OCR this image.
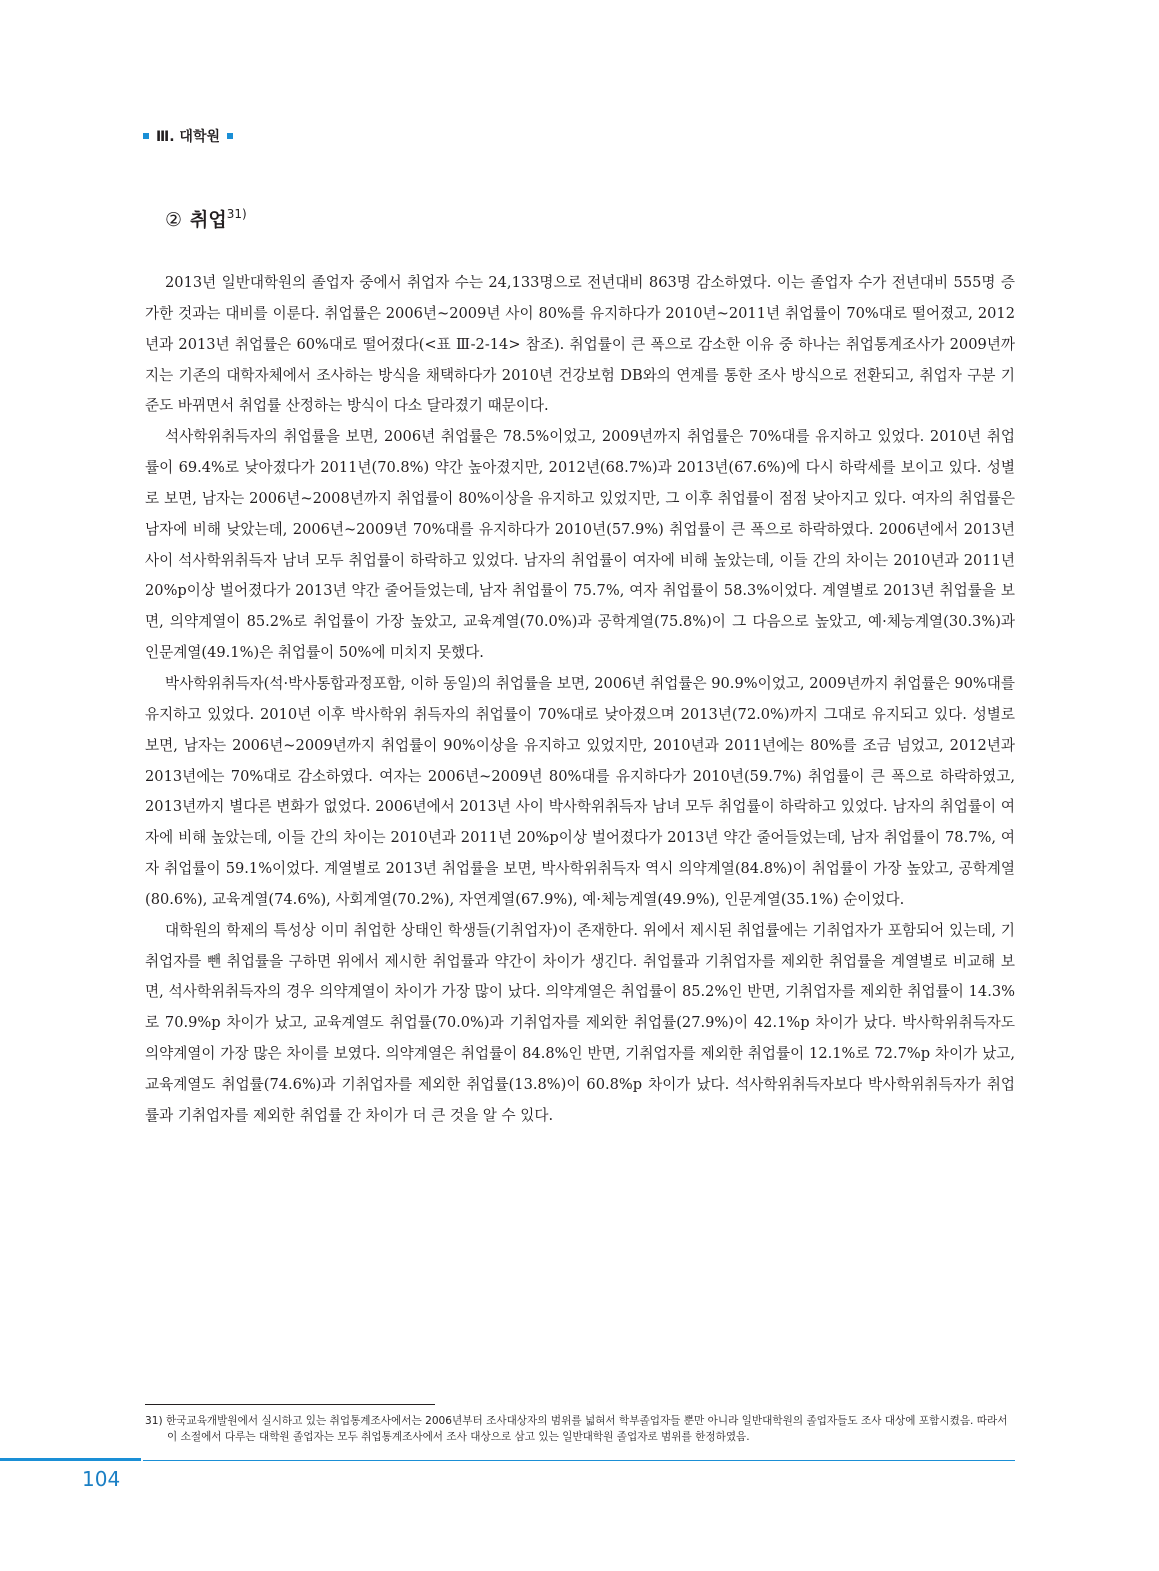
Ⅲ. 대학원
② 취업$^{31)}$

2013년 일반대학원의 졸업자 중에서 취업자 수는 24,133명으로 전년대비 863명 감소하였다. 이는 졸업자 수가 전년대비 555명 증가한 것과는 대비를 이룬다. 취업률은 2006년~2009년 사이 80%를 유지하다가 2010년~2011년 취업률이 70%대로 떨어졌고, 2012년과 2013년 취업률은 60%대로 떨어졌다(<표 Ⅲ-2-14> 참조). 취업률이 큰 폭으로 감소한 이유 중 하나는 취업통계조사가 2009년까지는 기존의 대학자체에서 조사하는 방식을 채택하다가 2010년 건강보험 DB와의 연계를 통한 조사 방식으로 전환되고, 취업자 구분 기준도 바뀌면서 취업률 산정하는 방식이 다소 달라졌기 때문이다.

석사학위취득자의 취업률을 보면, 2006년 취업률은 78.5%이었고, 2009년까지 취업률은 70%대를 유지하고 있었다. 2010년 취업률이 69.4%로 낮아졌다가 2011년(70.8%) 약간 높아졌지만, 2012년(68.7%)과 2013년(67.6%)에 다시 하락세를 보이고 있다. 성별로 보면, 남자는 2006년~2008년까지 취업률이 80%이상을 유지하고 있었지만, 그 이후 취업률이 점점 낮아지고 있다. 여자의 취업률은 남자에 비해 낮았는데, 2006년~2009년 70%대를 유지하다가 2010년(57.9%) 취업률이 큰 폭으로 하락하였다. 2006년에서 2013년 사이 석사학위취득자 남녀 모두 취업률이 하락하고 있었다. 남자의 취업률이 여자에 비해 높았는데, 이들 간의 차이는 2010년과 2011년 20%p이상 벌어졌다가 2013년 약간 줄어들었는데, 남자 취업률이 75.7%, 여자 취업률이 58.3%이었다. 계열별로 2013년 취업률을 보면, 의약계열이 85.2%로 취업률이 가장 높았고, 교육계열(70.0%)과 공학계열(75.8%)이 그 다음으로 높았고, 예·체능계열(30.3%)과 인문계열(49.1%)은 취업률이 50%에 미치지 못했다.

박사학위취득자(석·박사통합과정포함, 이하 동일)의 취업률을 보면, 2006년 취업률은 90.9%이었고, 2009년까지 취업률은 90%대를 유지하고 있었다. 2010년 이후 박사학위 취득자의 취업률이 70%대로 낮아졌으며 2013년(72.0%)까지 그대로 유지되고 있다. 성별로 보면, 남자는 2006년~2009년까지 취업률이 90%이상을 유지하고 있었지만, 2010년과 2011년에는 80%를 조금 넘었고, 2012년과 2013년에는 70%대로 감소하였다. 여자는 2006년~2009년 80%대를 유지하다가 2010년(59.7%) 취업률이 큰 폭으로 하락하였고, 2013년까지 별다른 변화가 없었다. 2006년에서 2013년 사이 박사학위취득자 남녀 모두 취업률이 하락하고 있었다. 남자의 취업률이 여자에 비해 높았는데, 이들 간의 차이는 2010년과 2011년 20%p이상 벌어졌다가 2013년 약간 줄어들었는데, 남자 취업률이 78.7%, 여자 취업률이 59.1%이었다. 계열별로 2013년 취업률을 보면, 박사학위취득자 역시 의약계열(84.8%)이 취업률이 가장 높았고, 공학계열(80.6%), 교육계열(74.6%), 사회계열(70.2%), 자연계열(67.9%), 예·체능계열(49.9%), 인문계열(35.1%) 순이었다.

대학원의 학제의 특성상 이미 취업한 상태인 학생들(기취업자)이 존재한다. 위에서 제시된 취업률에는 기취업자가 포함되어 있는데, 기취업자를 뺀 취업률을 구하면 위에서 제시한 취업률과 약간이 차이가 생긴다. 취업률과 기취업자를 제외한 취업률을 계열별로 비교해 보면, 석사학위취득자의 경우 의약계열이 차이가 가장 많이 났다. 의약계열은 취업률이 85.2%인 반면, 기취업자를 제외한 취업률이 14.3%로 70.9%p 차이가 났고, 교육계열도 취업률(70.0%)과 기취업자를 제외한 취업률(27.9%)이 42.1%p 차이가 났다. 박사학위취득자도 의약계열이 가장 많은 차이를 보였다. 의약계열은 취업률이 84.8%인 반면, 기취업자를 제외한 취업률이 12.1%로 72.7%p 차이가 났고, 교육계열도 취업률(74.6%)과 기취업자를 제외한 취업률(13.8%)이 60.8%p 차이가 났다. 석사학위취득자보다 박사학위취득자가 취업률과 기취업자를 제외한 취업률 간 차이가 더 큰 것을 알 수 있다.

31) 한국교육개발원에서 실시하고 있는 취업통계조사에서는 2006년부터 조사대상자의 범위를 넓혀서 학부졸업자들 뿐만 아니라 일반대학원의 졸업자들도 조사 대상에 포함시켰음. 따라서 이 소절에서 다루는 대학원 졸업자는 모두 취업통계조사에서 조사 대상으로 삼고 있는 일반대학원 졸업자로 범위를 한정하였음.
104
